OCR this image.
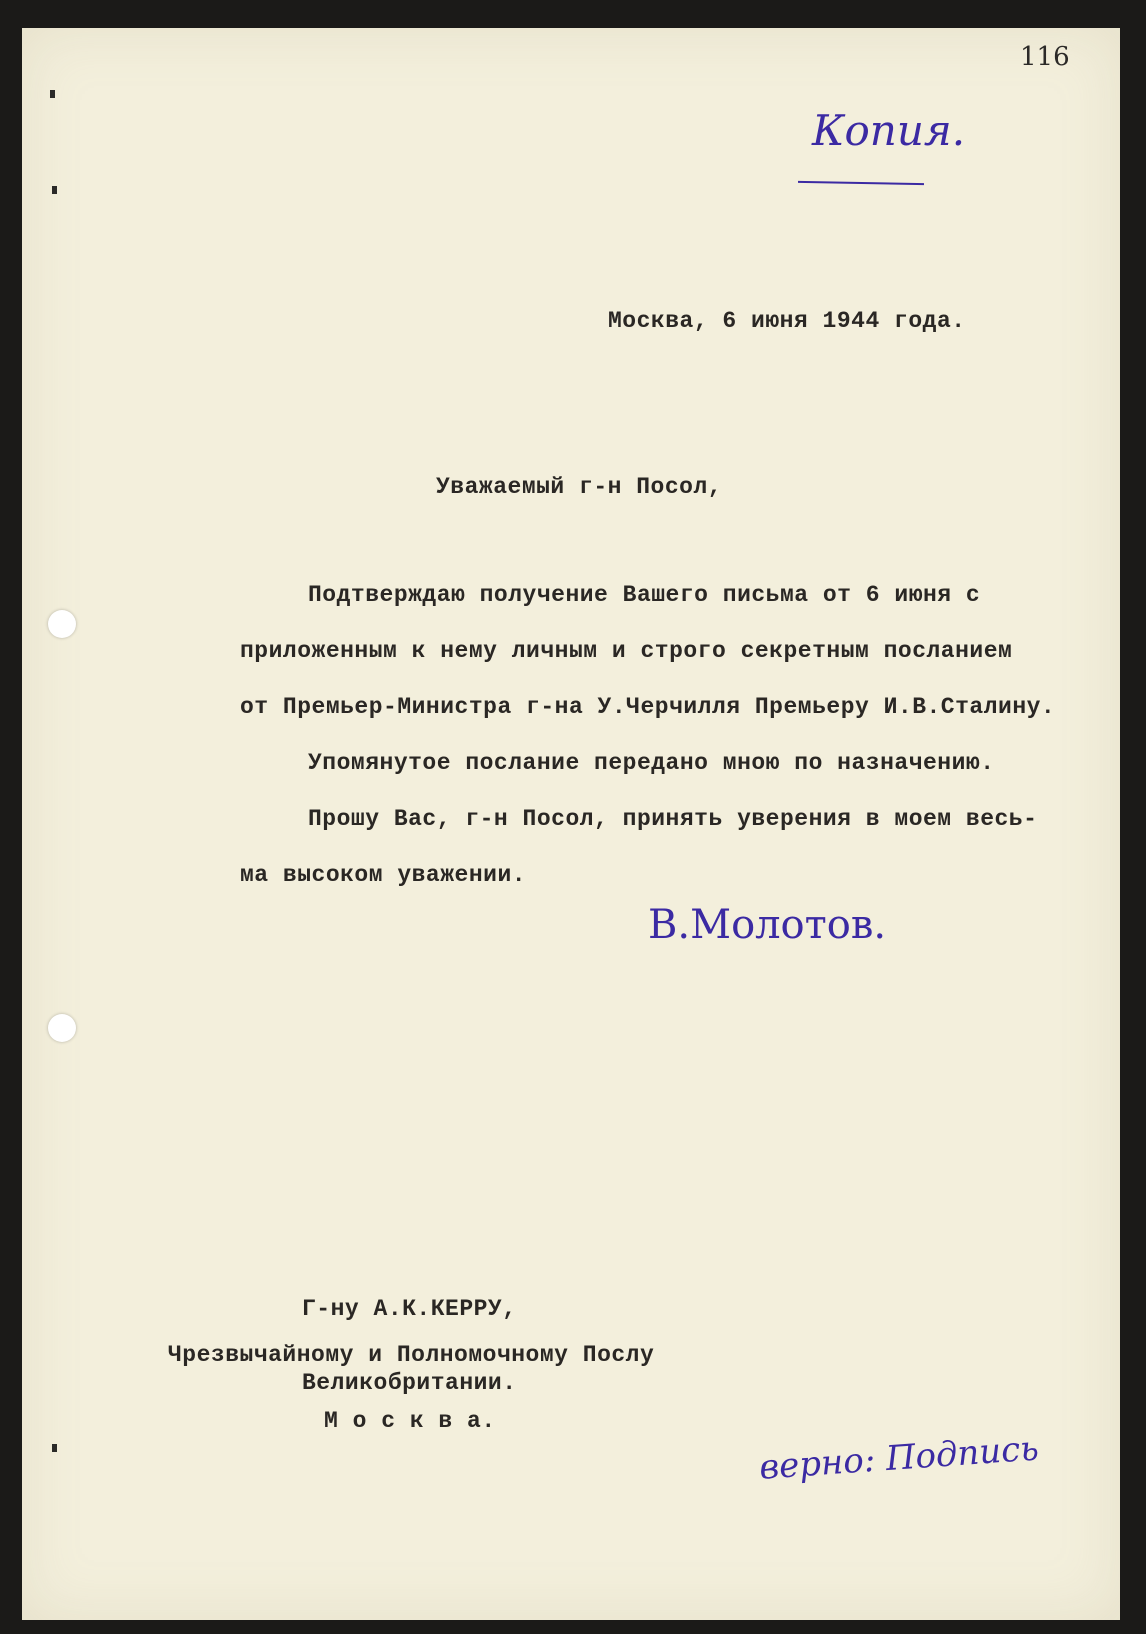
116
Копия.

Москва, 6 июня 1944 года.

Уважаемый г-н Посол,

Подтверждаю получение Вашего письма от 6 июня с

приложенным к нему личным и строго секретным посланием

от Премьер-Министра г-на У.Черчилля Премьеру И.В.Сталину.

Упомянутое послание передано мною по назначению.

Прошу Вас, г-н Посол, принять уверения в моем весь-

ма высоком уважении.

В.Молотов.

Г-ну А.К.КЕРРУ,

Чрезвычайному и Полномочному Послу

Великобритании.

М о с к в а.

верно: Подпись
